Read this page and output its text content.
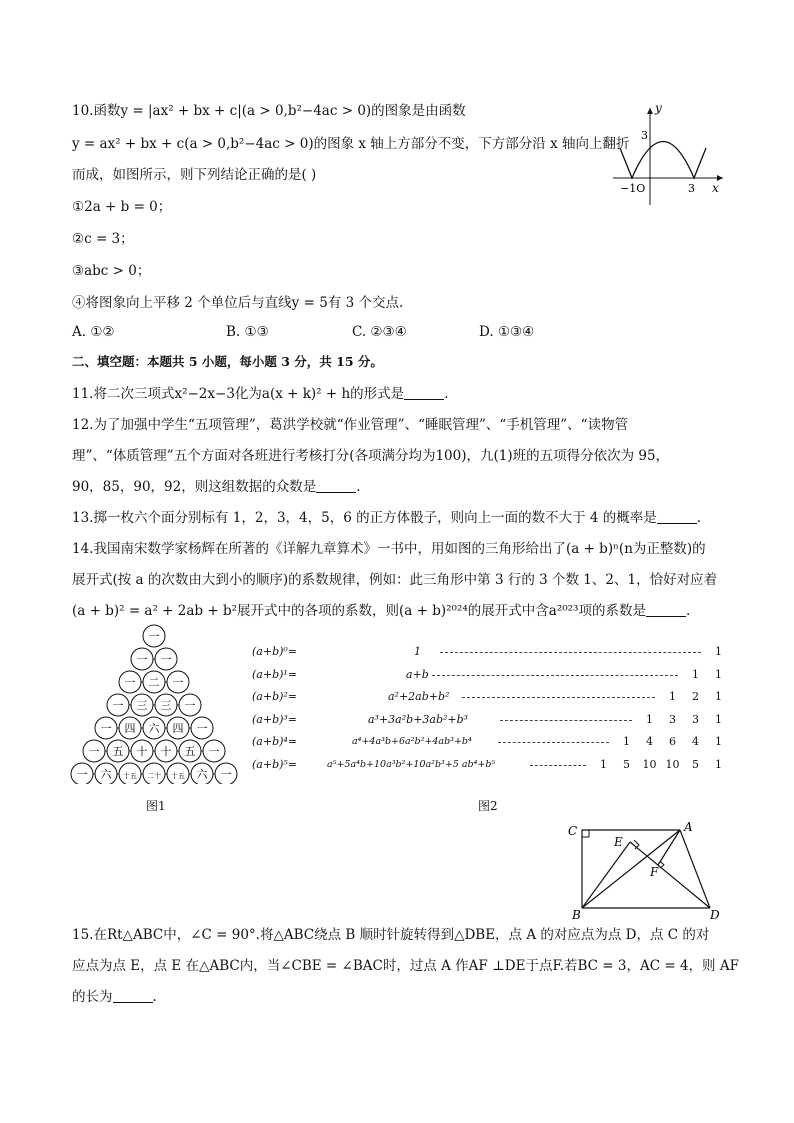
10.函数y = |ax² + bx + c|(a > 0,b²−4ac > 0)的图象是由函数
y = ax² + bx + c(a > 0,b²−4ac > 0)的图象 x 轴上方部分不变，下方部分沿 x 轴向上翻折
而成，如图所示，则下列结论正确的是( )
①2a + b = 0；
②c = 3；
③abc > 0；
④将图象向上平移 2 个单位后与直线y = 5有 3 个交点.
A. ①②	B. ①③	C. ②③④	D. ①③④
y
x
3
−1O	3
二、填空题：本题共 5 小题，每小题 3 分，共 15 分。
11.将二次三项式x²−2x−3化为a(x + k)² + h的形式是	.
12.为了加强中学生“五项管理”，葛洪学校就“作业管理”、“睡眠管理”、“手机管理”、“读物管
理”、“体质管理”五个方面对各班进行考核打分(各项满分均为100)，九(1)班的五项得分依次为 95，
90，85，90，92，则这组数据的众数是	.
13.掷一枚六个面分别标有 1，2，3，4，5，6 的正方体骰子，则向上一面的数不大于 4 的概率是	.
14.我国南宋数学家杨辉在所著的《详解九章算术》一书中，用如图的三角形给出了(a + b)ⁿ(n为正整数)的
展开式(按 a 的次数由大到小的顺序)的系数规律，例如：此三角形中第 3 行的 3 个数 1、2、1，恰好对应着
(a + b)² = a² + 2ab + b²展开式中的各项的系数，则(a + b)²⁰²⁴的展开式中含a²⁰²³项的系数是	.
一
一 一
一 二 一
一 三 三 一
一 四 六 四 一
一 五 十 十 五 一
一 六 十五 二十 十五 六 一
图1
(a+b)⁰=	1	1
(a+b)¹=	a+b	1 1
(a+b)²=	a²+2ab+b²	1 2 1
(a+b)³=	a³+3a²b+3ab²+b³	1 3 3 1
(a+b)⁴=	a⁴+4a³b+6a²b²+4ab³+b⁴	1 4 6 4 1
(a+b)⁵=	a⁵+5a⁴b+10a³b²+10a²b³+5 ab⁴+b⁵	1 5 10 10 5 1
图2
C	A
E
F
B	D
15.在Rt△ABC中，∠C = 90°.将△ABC绕点 B 顺时针旋转得到△DBE，点 A 的对应点为点 D，点 C 的对
应点为点 E，点 E 在△ABC内，当∠CBE = ∠BAC时，过点 A 作AF ⊥DE于点F.若BC = 3，AC = 4，则 AF
的长为	.
